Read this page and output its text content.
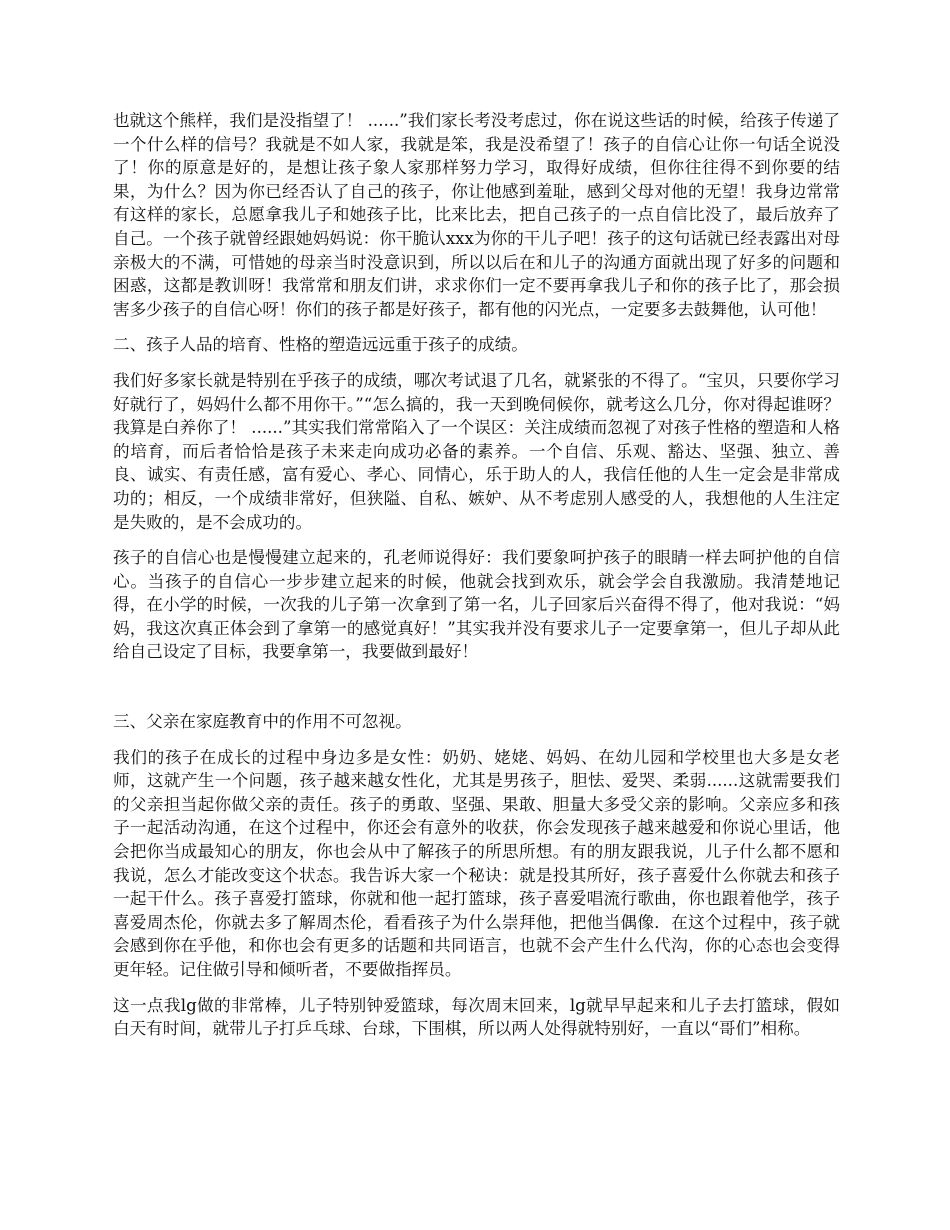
也就这个熊样，我们是没指望了！ ......”我们家长考没考虑过，你在说这些话的时候，给孩子传递了一个什么样的信号？我就是不如人家，我就是笨，我是没希望了！孩子的自信心让你一句话全说没了！你的原意是好的，是想让孩子象人家那样努力学习，取得好成绩，但你往往得不到你要的结果，为什么？因为你已经否认了自己的孩子，你让他感到羞耻，感到父母对他的无望！我身边常常有这样的家长，总愿拿我儿子和她孩子比，比来比去，把自己孩子的一点自信比没了，最后放弃了自己。一个孩子就曾经跟她妈妈说：你干脆认xxx为你的干儿子吧！孩子的这句话就已经表露出对母亲极大的不满，可惜她的母亲当时没意识到，所以以后在和儿子的沟通方面就出现了好多的问题和困惑，这都是教训呀！我常常和朋友们讲，求求你们一定不要再拿我儿子和你的孩子比了，那会损害多少孩子的自信心呀！你们的孩子都是好孩子，都有他的闪光点，一定要多去鼓舞他，认可他！

二、孩子人品的培育、性格的塑造远远重于孩子的成绩。

我们好多家长就是特别在乎孩子的成绩，哪次考试退了几名，就紧张的不得了。“宝贝，只要你学习好就行了，妈妈什么都不用你干。”“怎么搞的，我一天到晚伺候你，就考这么几分，你对得起谁呀？我算是白养你了！ ......”其实我们常常陷入了一个误区：关注成绩而忽视了对孩子性格的塑造和人格的培育，而后者恰恰是孩子未来走向成功必备的素养。一个自信、乐观、豁达、坚强、独立、善良、诚实、有责任感，富有爱心、孝心、同情心，乐于助人的人，我信任他的人生一定会是非常成功的；相反，一个成绩非常好，但狭隘、自私、嫉妒、从不考虑别人感受的人，我想他的人生注定是失败的，是不会成功的。

孩子的自信心也是慢慢建立起来的，孔老师说得好：我们要象呵护孩子的眼睛一样去呵护他的自信心。当孩子的自信心一步步建立起来的时候，他就会找到欢乐，就会学会自我激励。我清楚地记得，在小学的时候，一次我的儿子第一次拿到了第一名，儿子回家后兴奋得不得了，他对我说：“妈妈，我这次真正体会到了拿第一的感觉真好！”其实我并没有要求儿子一定要拿第一，但儿子却从此给自己设定了目标，我要拿第一，我要做到最好！

三、父亲在家庭教育中的作用不可忽视。

我们的孩子在成长的过程中身边多是女性：奶奶、姥姥、妈妈、在幼儿园和学校里也大多是女老师，这就产生一个问题，孩子越来越女性化，尤其是男孩子，胆怯、爱哭、柔弱......这就需要我们的父亲担当起你做父亲的责任。孩子的勇敢、坚强、果敢、胆量大多受父亲的影响。父亲应多和孩子一起活动沟通，在这个过程中，你还会有意外的收获，你会发现孩子越来越爱和你说心里话，他会把你当成最知心的朋友，你也会从中了解孩子的所思所想。有的朋友跟我说，儿子什么都不愿和我说，怎么才能改变这个状态。我告诉大家一个秘诀：就是投其所好，孩子喜爱什么你就去和孩子一起干什么。孩子喜爱打篮球，你就和他一起打篮球，孩子喜爱唱流行歌曲，你也跟着他学，孩子喜爱周杰伦，你就去多了解周杰伦，看看孩子为什么崇拜他，把他当偶像．在这个过程中，孩子就会感到你在乎他，和你也会有更多的话题和共同语言，也就不会产生什么代沟，你的心态也会变得更年轻。记住做引导和倾听者，不要做指挥员。

这一点我lg做的非常棒，儿子特别钟爱篮球，每次周末回来，lg就早早起来和儿子去打篮球，假如白天有时间，就带儿子打乒乓球、台球，下围棋，所以两人处得就特别好，一直以“哥们”相称。
